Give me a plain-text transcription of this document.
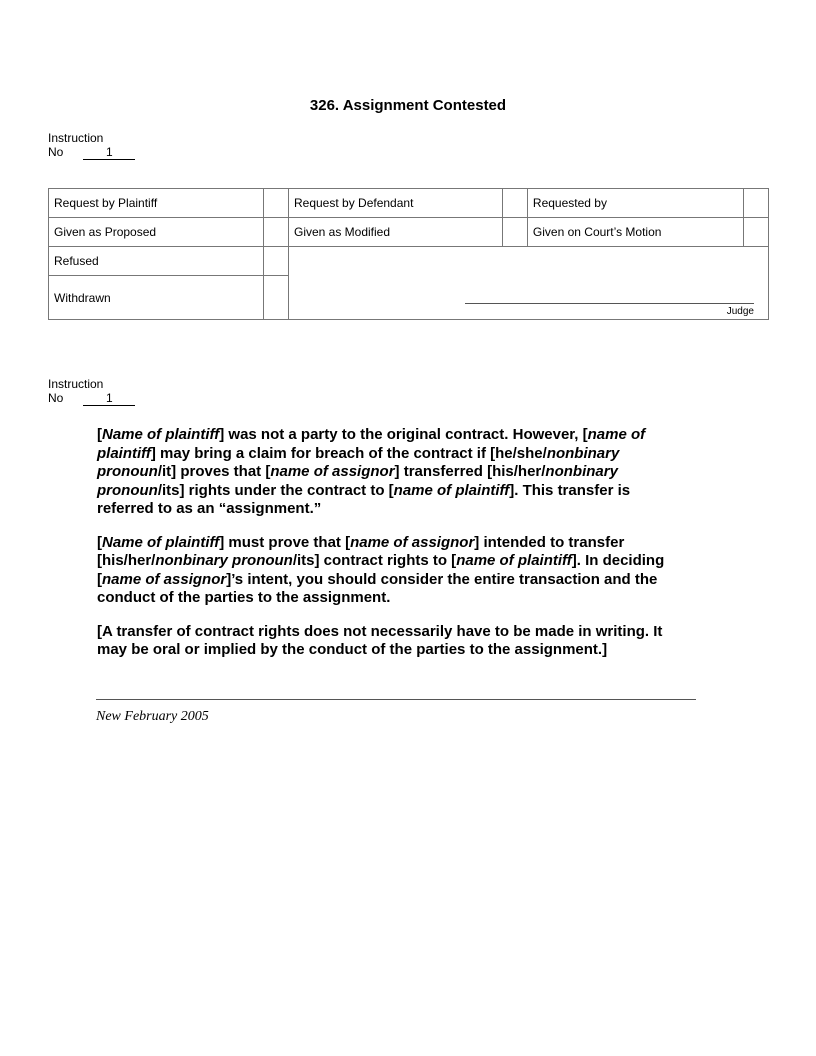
326. Assignment Contested
Instruction
No	1
Request by Plaintiff		Request by Defendant		Requested by	
Given as Proposed		Given as Modified		Given on Court’s Motion	
Refused		Judge			

Withdrawn					
Instruction
No	1

[Name of plaintiff] was not a party to the original contract. However, [name of
plaintiff] may bring a claim for breach of the contract if [he/she/nonbinary
pronoun/it] proves that [name of assignor] transferred [his/her/nonbinary
pronoun/its] rights under the contract to [name of plaintiff]. This transfer is
referred to as an “assignment.”

[Name of plaintiff] must prove that [name of assignor] intended to transfer
[his/her/nonbinary pronoun/its] contract rights to [name of plaintiff]. In deciding
[name of assignor]’s intent, you should consider the entire transaction and the
conduct of the parties to the assignment.

[A transfer of contract rights does not necessarily have to be made in writing. It
may be oral or implied by the conduct of the parties to the assignment.]

New February 2005
